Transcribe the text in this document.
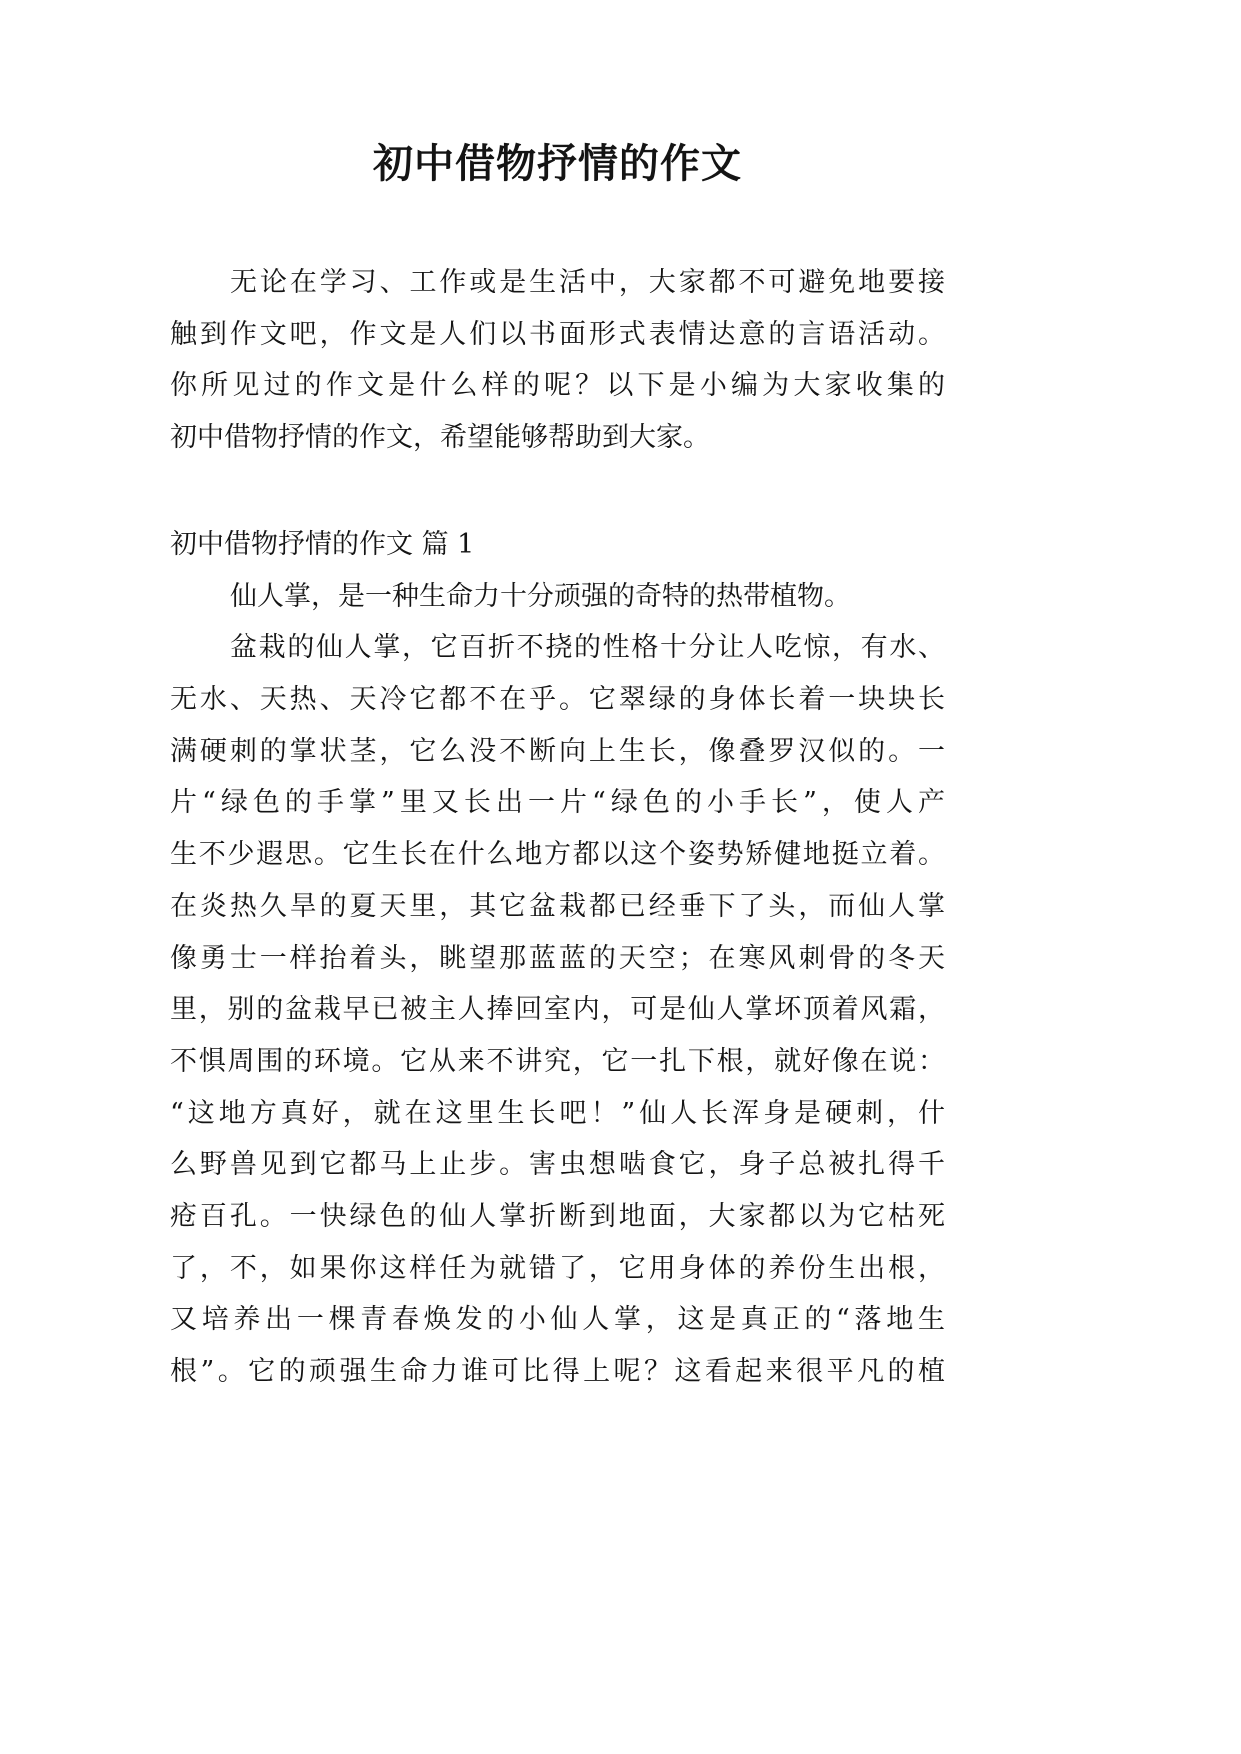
初中借物抒情的作文
无论在学习、工作或是生活中，大家都不可避免地要接
触到作文吧，作文是人们以书面形式表情达意的言语活动。
你所见过的作文是什么样的呢？以下是小编为大家收集的
初中借物抒情的作文，希望能够帮助到大家。
初中借物抒情的作文 篇 1
仙人掌，是一种生命力十分顽强的奇特的热带植物。
盆栽的仙人掌，它百折不挠的性格十分让人吃惊，有水、
无水、天热、天冷它都不在乎。它翠绿的身体长着一块块长
满硬刺的掌状茎，它么没不断向上生长，像叠罗汉似的。一
片“绿色的手掌”里又长出一片“绿色的小手长”，使人产
生不少遐思。它生长在什么地方都以这个姿势矫健地挺立着。
在炎热久旱的夏天里，其它盆栽都已经垂下了头，而仙人掌
像勇士一样抬着头，眺望那蓝蓝的天空；在寒风刺骨的冬天
里，别的盆栽早已被主人捧回室内，可是仙人掌坏顶着风霜，
不惧周围的环境。它从来不讲究，它一扎下根，就好像在说：
“这地方真好，就在这里生长吧！”仙人长浑身是硬刺，什
么野兽见到它都马上止步。害虫想啮食它，身子总被扎得千
疮百孔。一快绿色的仙人掌折断到地面，大家都以为它枯死
了，不，如果你这样任为就错了，它用身体的养份生出根，
又培养出一棵青春焕发的小仙人掌，这是真正的“落地生
根”。它的顽强生命力谁可比得上呢？这看起来很平凡的植
